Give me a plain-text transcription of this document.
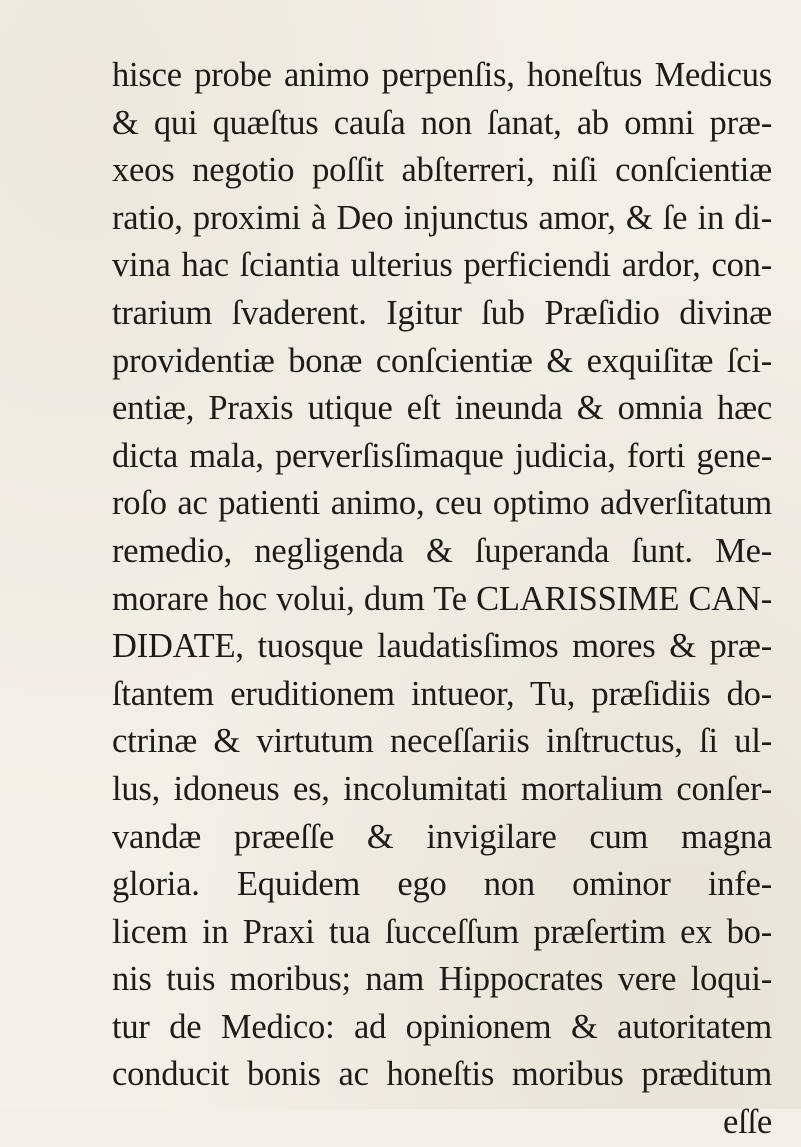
hisce probe animo perpenſis, honeſtus Medicus
& qui quæſtus cauſa non ſanat, ab omni præ-
xeos negotio poſſit abſterreri, niſi conſcientiæ
ratio, proximi à Deo injunctus amor, & ſe in di-
vina hac ſciantia ulterius perficiendi ardor, con-
trarium ſvaderent. Igitur ſub Præſidio divinæ
providentiæ bonæ conſcientiæ & exquiſitæ ſci-
entiæ, Praxis utique eſt ineunda & omnia hæc
dicta mala, perverſisſimaque judicia, forti gene-
roſo ac patienti animo, ceu optimo adverſitatum
remedio, negligenda & ſuperanda ſunt. Me-
morare hoc volui, dum Te CLARISSIME CAN-
DIDATE, tuosque laudatisſimos mores & præ-
ſtantem eruditionem intueor, Tu, præſidiis do-
ctrinæ & virtutum neceſſariis inſtructus, ſi ul-
lus, idoneus es, incolumitati mortalium conſer-
vandæ præeſſe & invigilare cum magna
gloria. Equidem ego non ominor infe-
licem in Praxi tua ſucceſſum præſertim ex bo-
nis tuis moribus; nam Hippocrates vere loqui-
tur de Medico: ad opinionem & autoritatem
conducit bonis ac honeſtis moribus præditum
eſſe
